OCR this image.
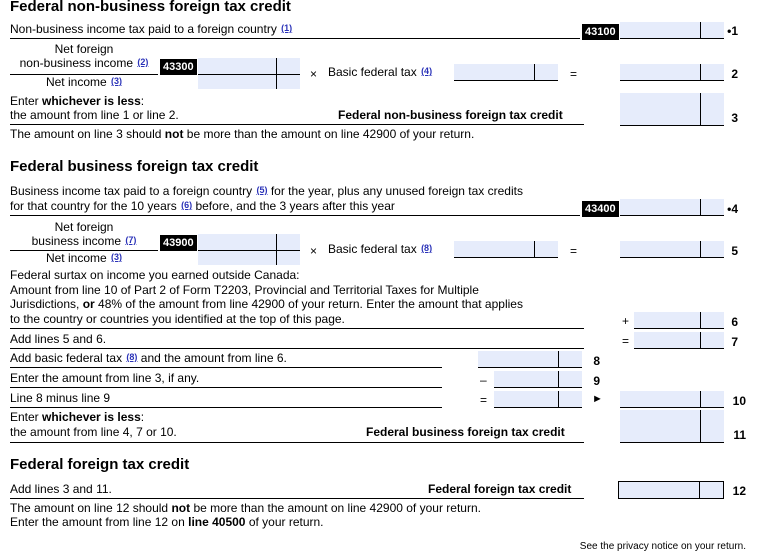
Federal non-business foreign tax credit
Non-business income tax paid to a foreign country (1)	43100	•1
Net foreign
non-business income (2)
Net income (3)
43300	× Basic federal tax (4)	=	2
Enter whichever is less:
the amount from line 1 or line 2.	Federal non-business foreign tax credit	3
The amount on line 3 should not be more than the amount on line 42900 of your return.
Federal business foreign tax credit
Business income tax paid to a foreign country (5) for the year, plus any unused foreign tax credits
for that country for the 10 years (6) before, and the 3 years after this year	43400	•4
Net foreign
business income (7)
Net income (3)
43900
× Basic federal tax (8)	=	5
Federal surtax on income you earned outside Canada:
Amount from line 10 of Part 2 of Form T2203, Provincial and Territorial Taxes for Multiple
Jurisdictions, or 48% of the amount from line 42900 of your return. Enter the amount that applies
to the country or countries you identified at the top of this page.	+	6
Add lines 5 and 6.	=	7
Add basic federal tax (8) and the amount from line 6.	8
Enter the amount from line 3, if any.	–	9
Line 8 minus line 9	=	►	10
Enter whichever is less:
the amount from line 4, 7 or 10.	Federal business foreign tax credit	11
Federal foreign tax credit
Add lines 3 and 11.	Federal foreign tax credit	12
The amount on line 12 should not be more than the amount on line 42900 of your return.
Enter the amount from line 12 on line 40500 of your return.
See the privacy notice on your return.
